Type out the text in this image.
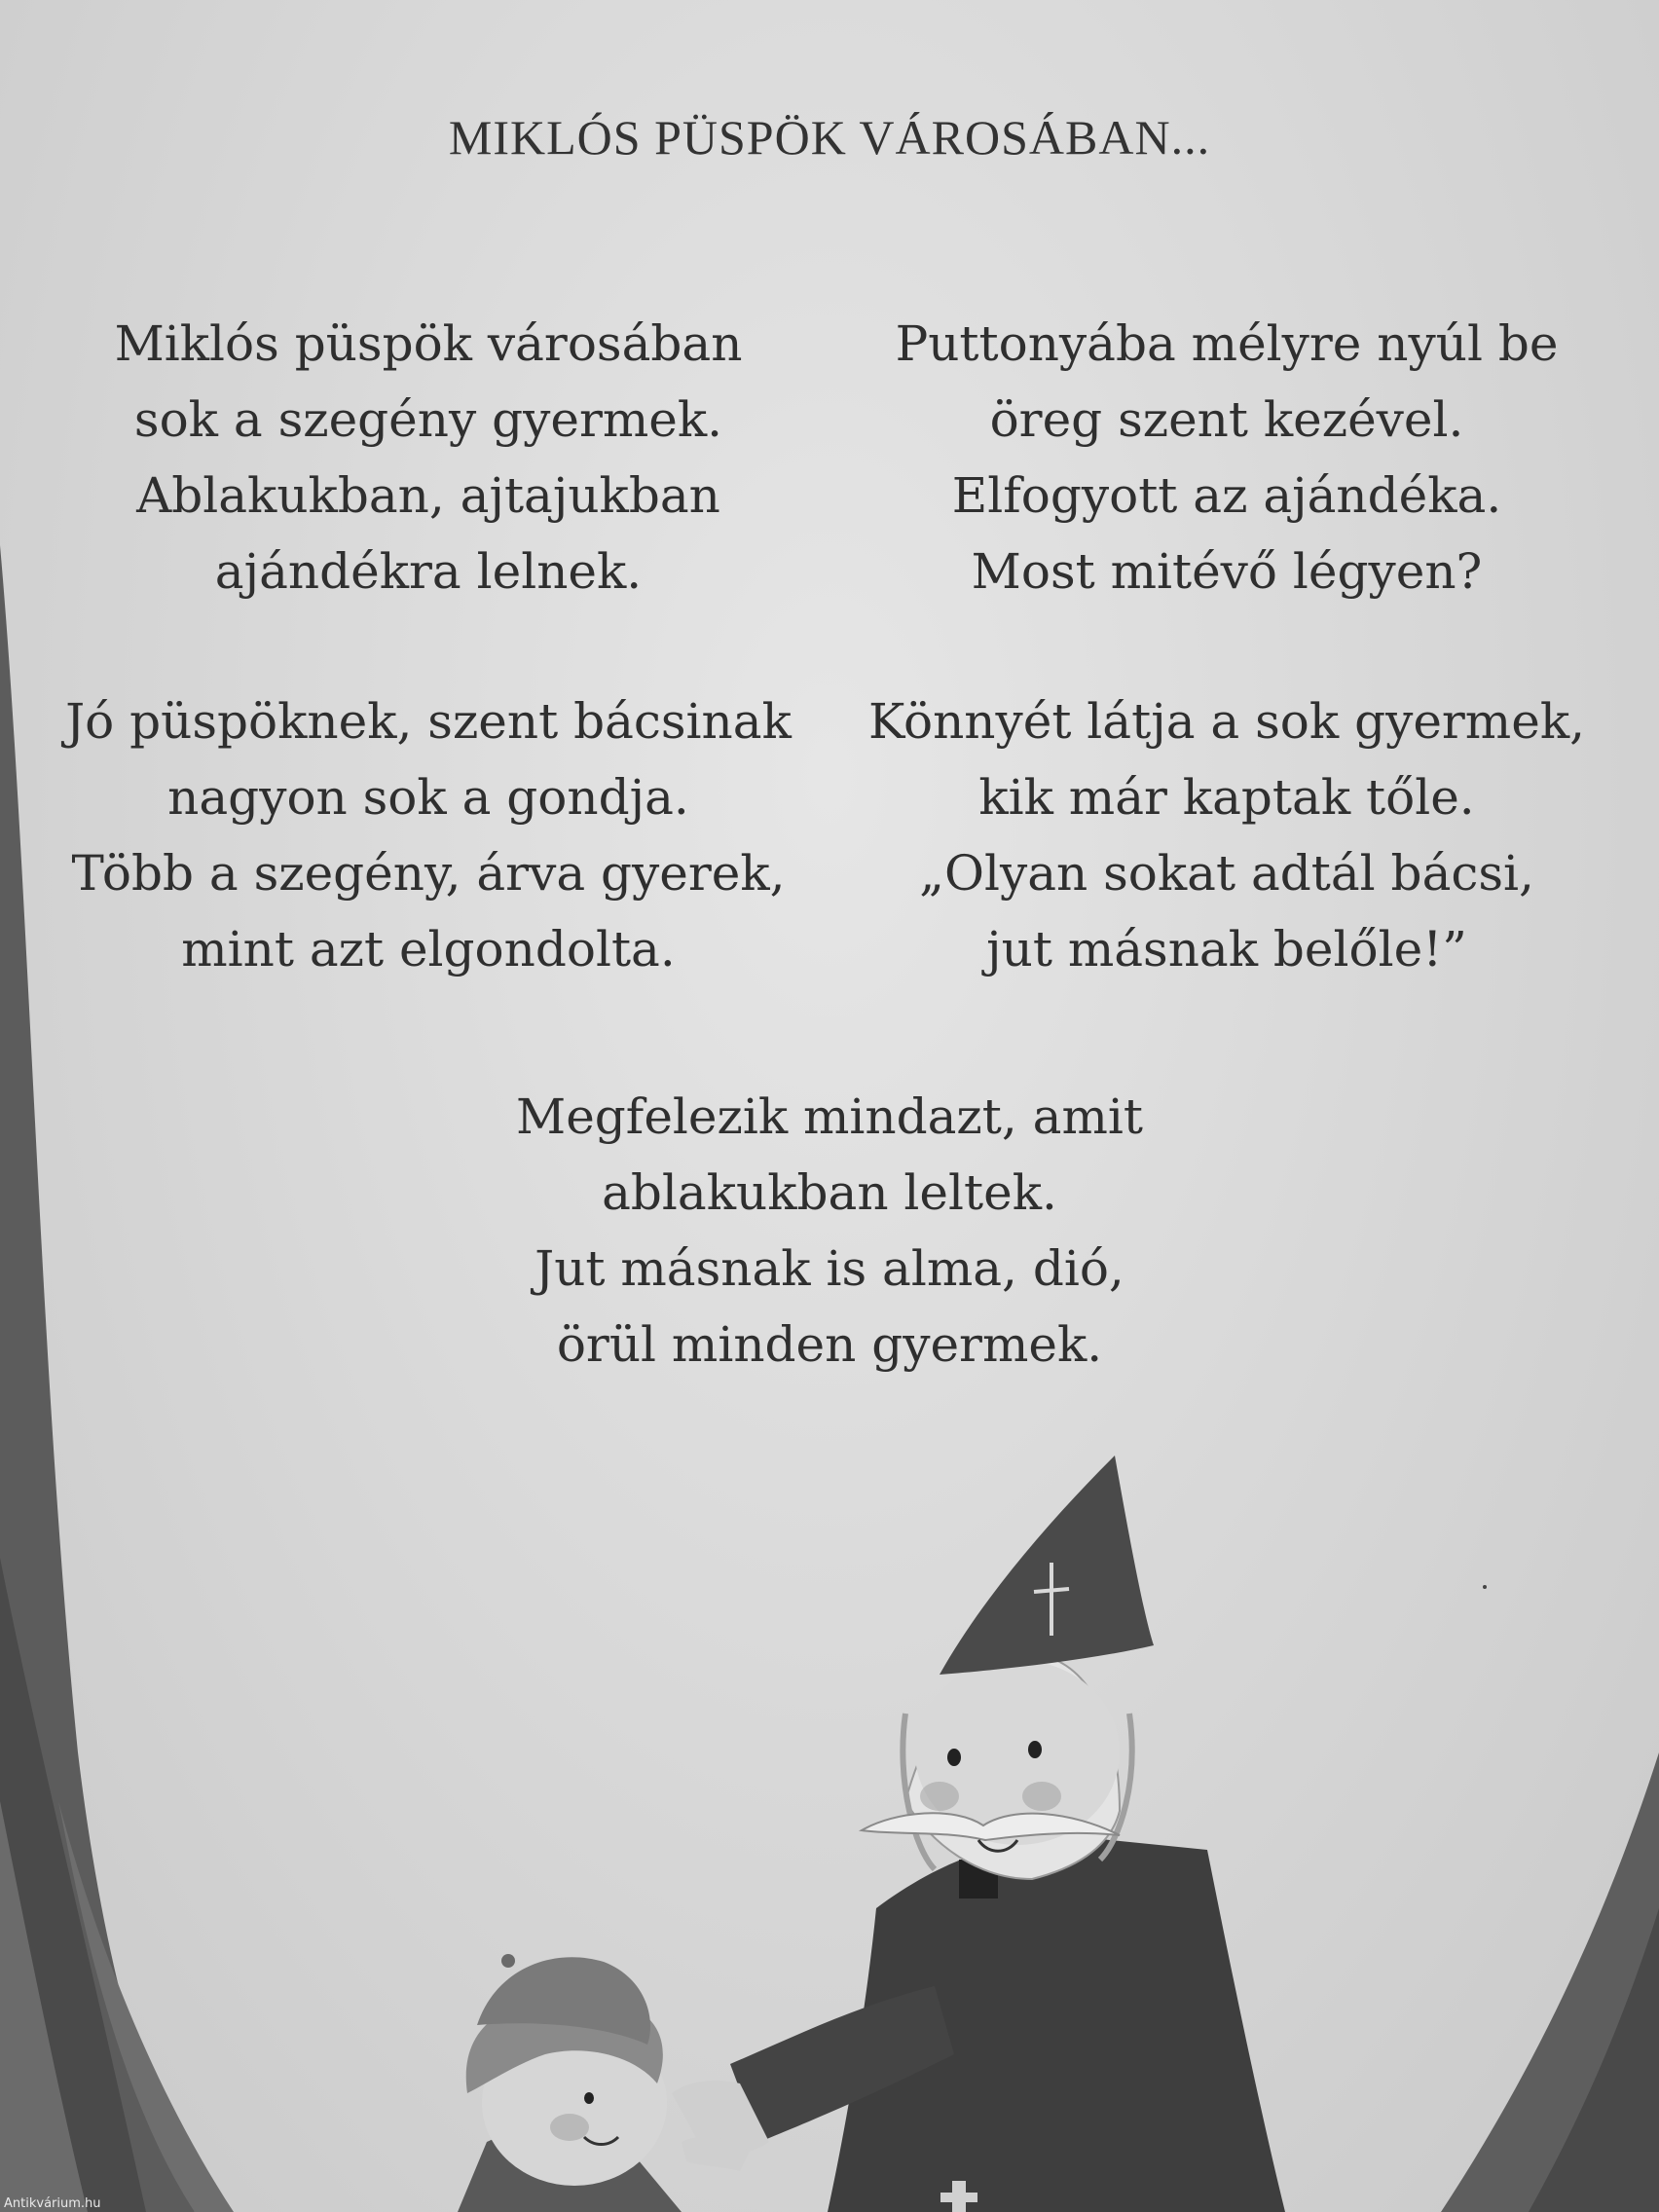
MIKLÓS PÜSPÖK VÁROSÁBAN...
Miklós püspök városában
sok a szegény gyermek.
Ablakukban, ajtajukban
ajándékra lelnek.
Puttonyába mélyre nyúl be
öreg szent kezével.
Elfogyott az ajándéka.
Most mitévő légyen?
Jó püspöknek, szent bácsinak
nagyon sok a gondja.
Több a szegény, árva gyerek,
mint azt elgondolta.
Könnyét látja a sok gyermek,
kik már kaptak tőle.
„Olyan sokat adtál bácsi,
jut másnak belőle!”
Megfelezik mindazt, amit
ablakukban leltek.
Jut másnak is alma, dió,
örül minden gyermek.
Antikvárium.hu
